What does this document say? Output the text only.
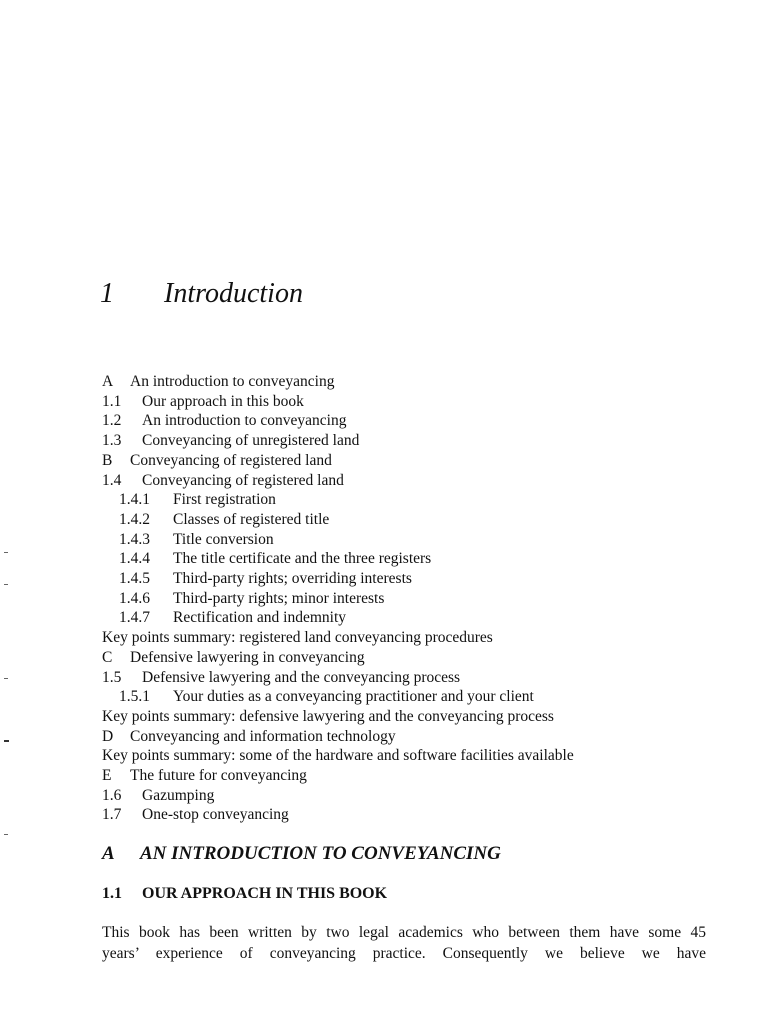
1 Introduction
A An introduction to conveyancing
1.1 Our approach in this book
1.2 An introduction to conveyancing
1.3 Conveyancing of unregistered land
B Conveyancing of registered land
1.4 Conveyancing of registered land
1.4.1 First registration
1.4.2 Classes of registered title
1.4.3 Title conversion
1.4.4 The title certificate and the three registers
1.4.5 Third-party rights; overriding interests
1.4.6 Third-party rights; minor interests
1.4.7 Rectification and indemnity
Key points summary: registered land conveyancing procedures
C Defensive lawyering in conveyancing
1.5 Defensive lawyering and the conveyancing process
1.5.1 Your duties as a conveyancing practitioner and your client
Key points summary: defensive lawyering and the conveyancing process
D Conveyancing and information technology
Key points summary: some of the hardware and software facilities available
E The future for conveyancing
1.6 Gazumping
1.7 One-stop conveyancing
A AN INTRODUCTION TO CONVEYANCING
1.1 OUR APPROACH IN THIS BOOK

This book has been written by two legal academics who between them have some 45
years’ experience of conveyancing practice. Consequently we believe we have
